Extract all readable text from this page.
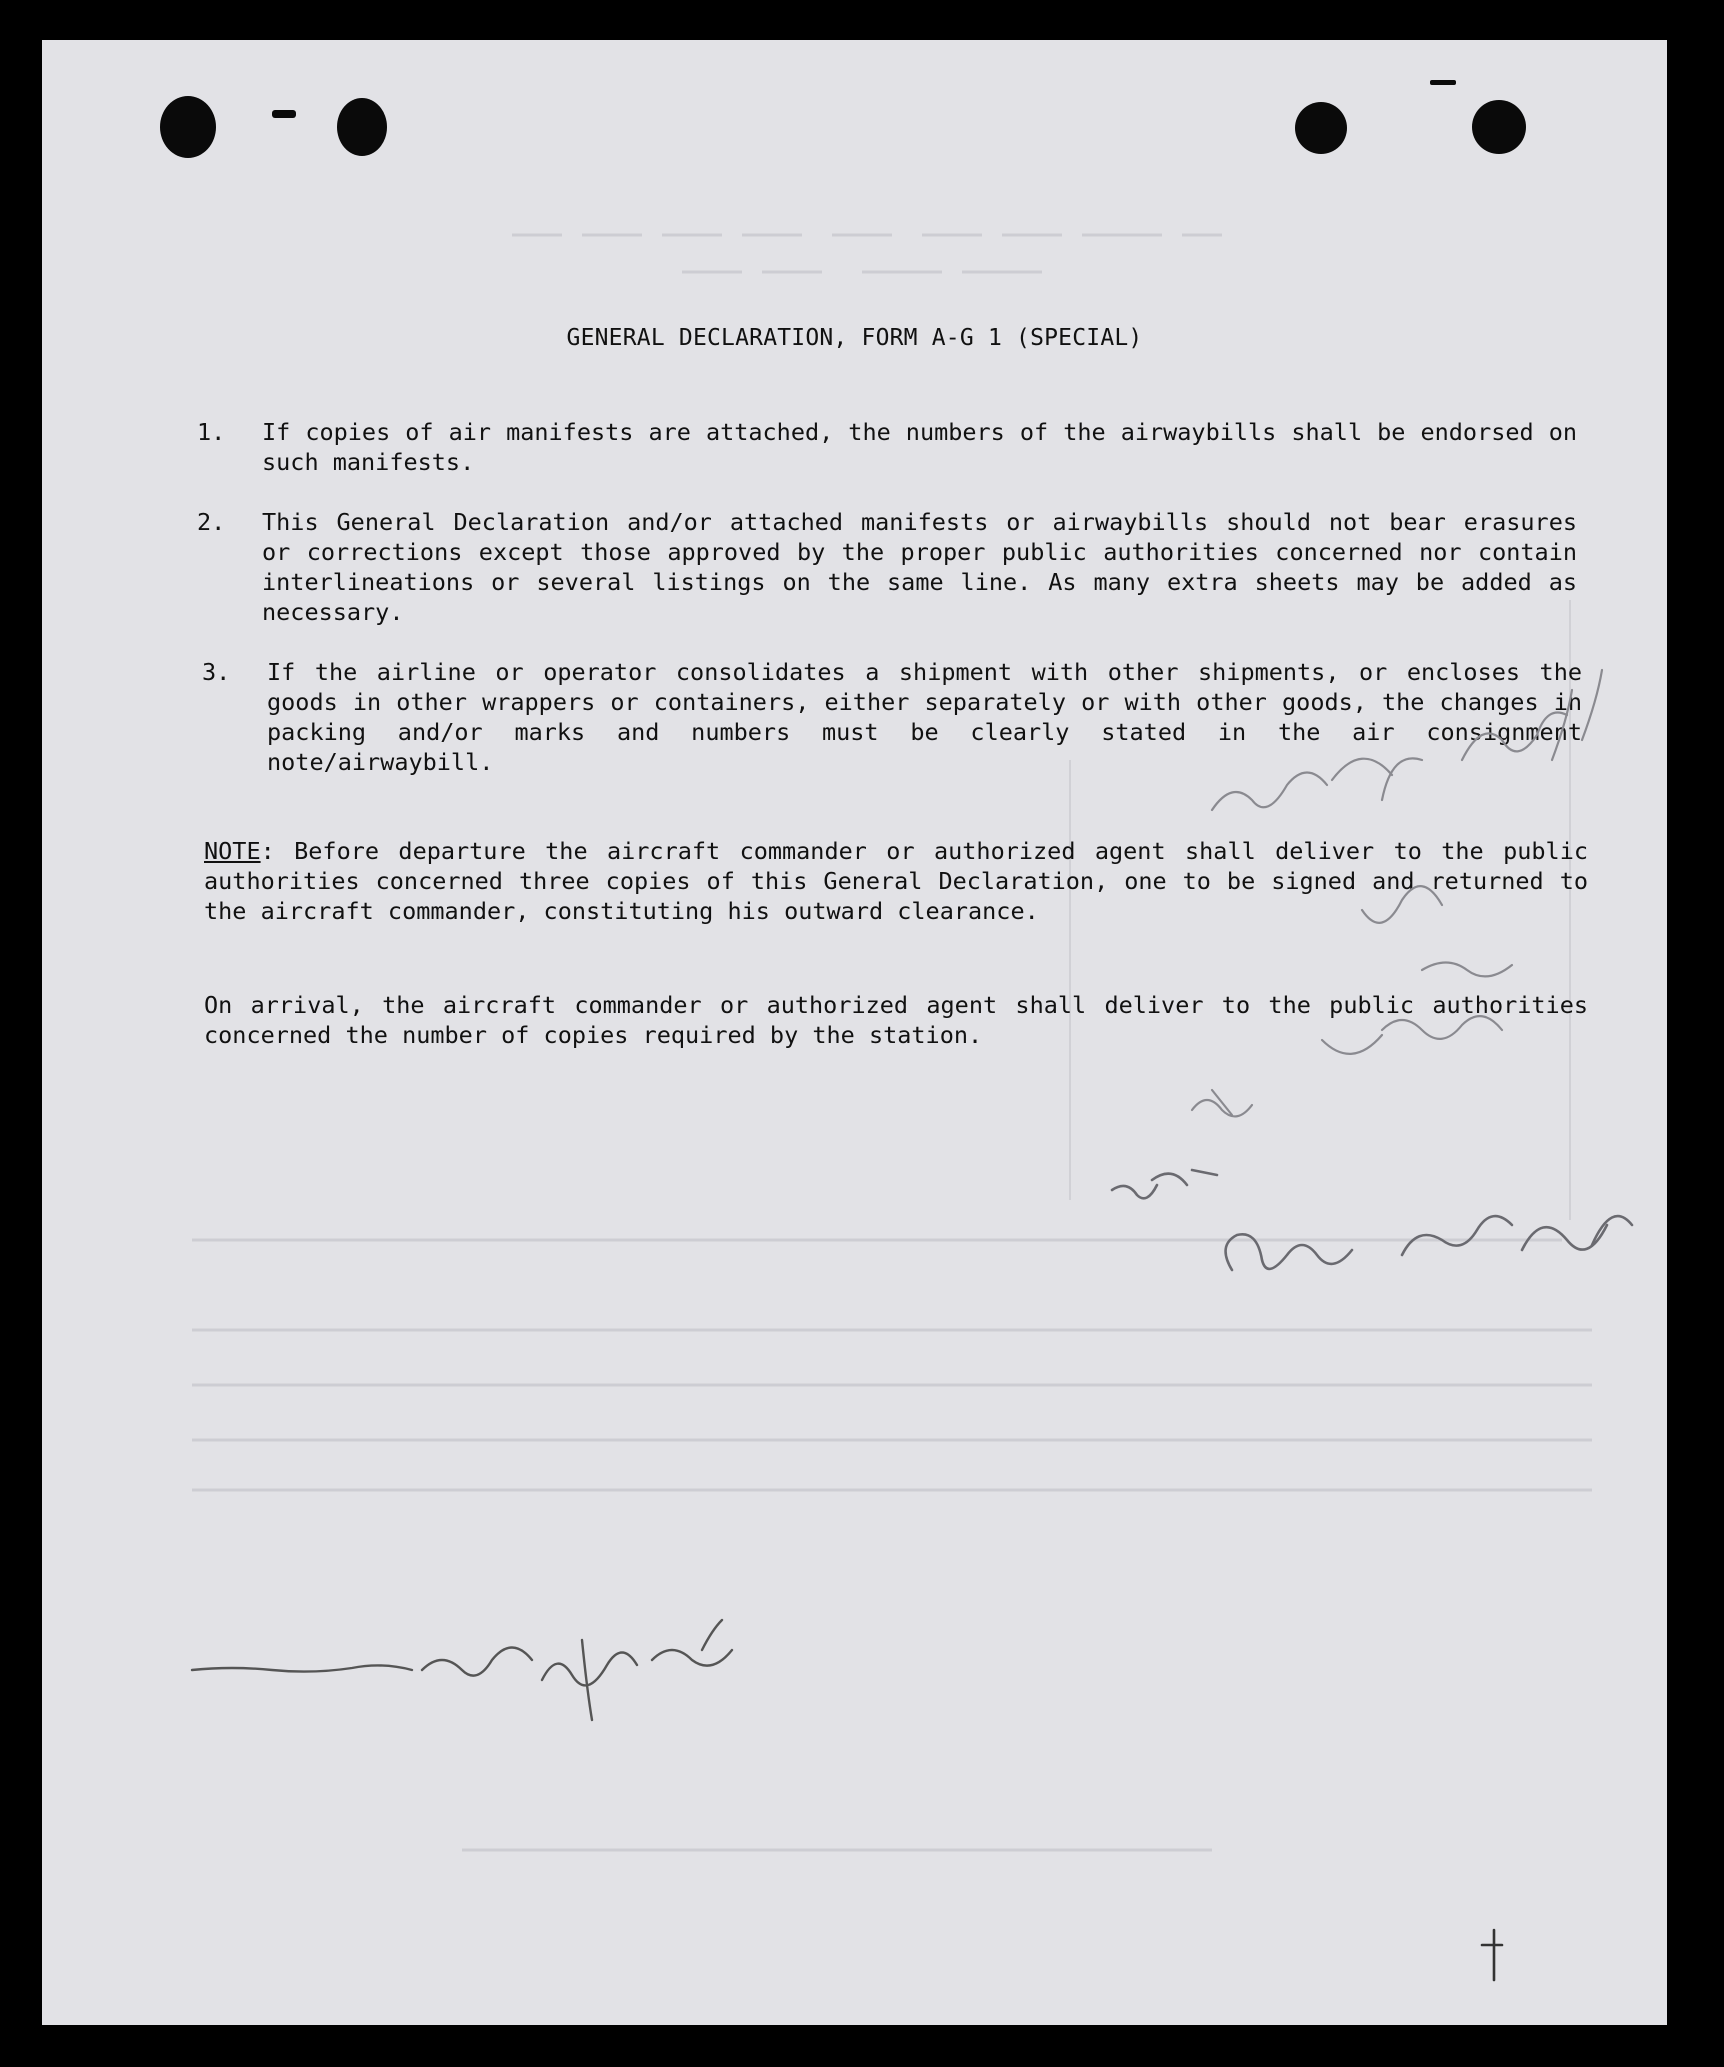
GENERAL DECLARATION, FORM A-G 1 (SPECIAL)
1. If copies of air manifests are attached, the numbers of the airwaybills shall be endorsed on such manifests.
2. This General Declaration and/or attached manifests or airwaybills should not bear erasures or corrections except those approved by the proper public authorities concerned nor contain interlineations or several listings on the same line. As many extra sheets may be added as necessary.
3. If the airline or operator consolidates a shipment with other shipments, or encloses the goods in other wrappers or containers, either separately or with other goods, the changes in packing and/or marks and numbers must be clearly stated in the air consignment note/airwaybill.
NOTE: Before departure the aircraft commander or authorized agent shall deliver to the public authorities concerned three copies of this General Declaration, one to be signed and returned to the aircraft commander, constituting his outward clearance.
On arrival, the aircraft commander or authorized agent shall deliver to the public authorities concerned the number of copies required by the station.
